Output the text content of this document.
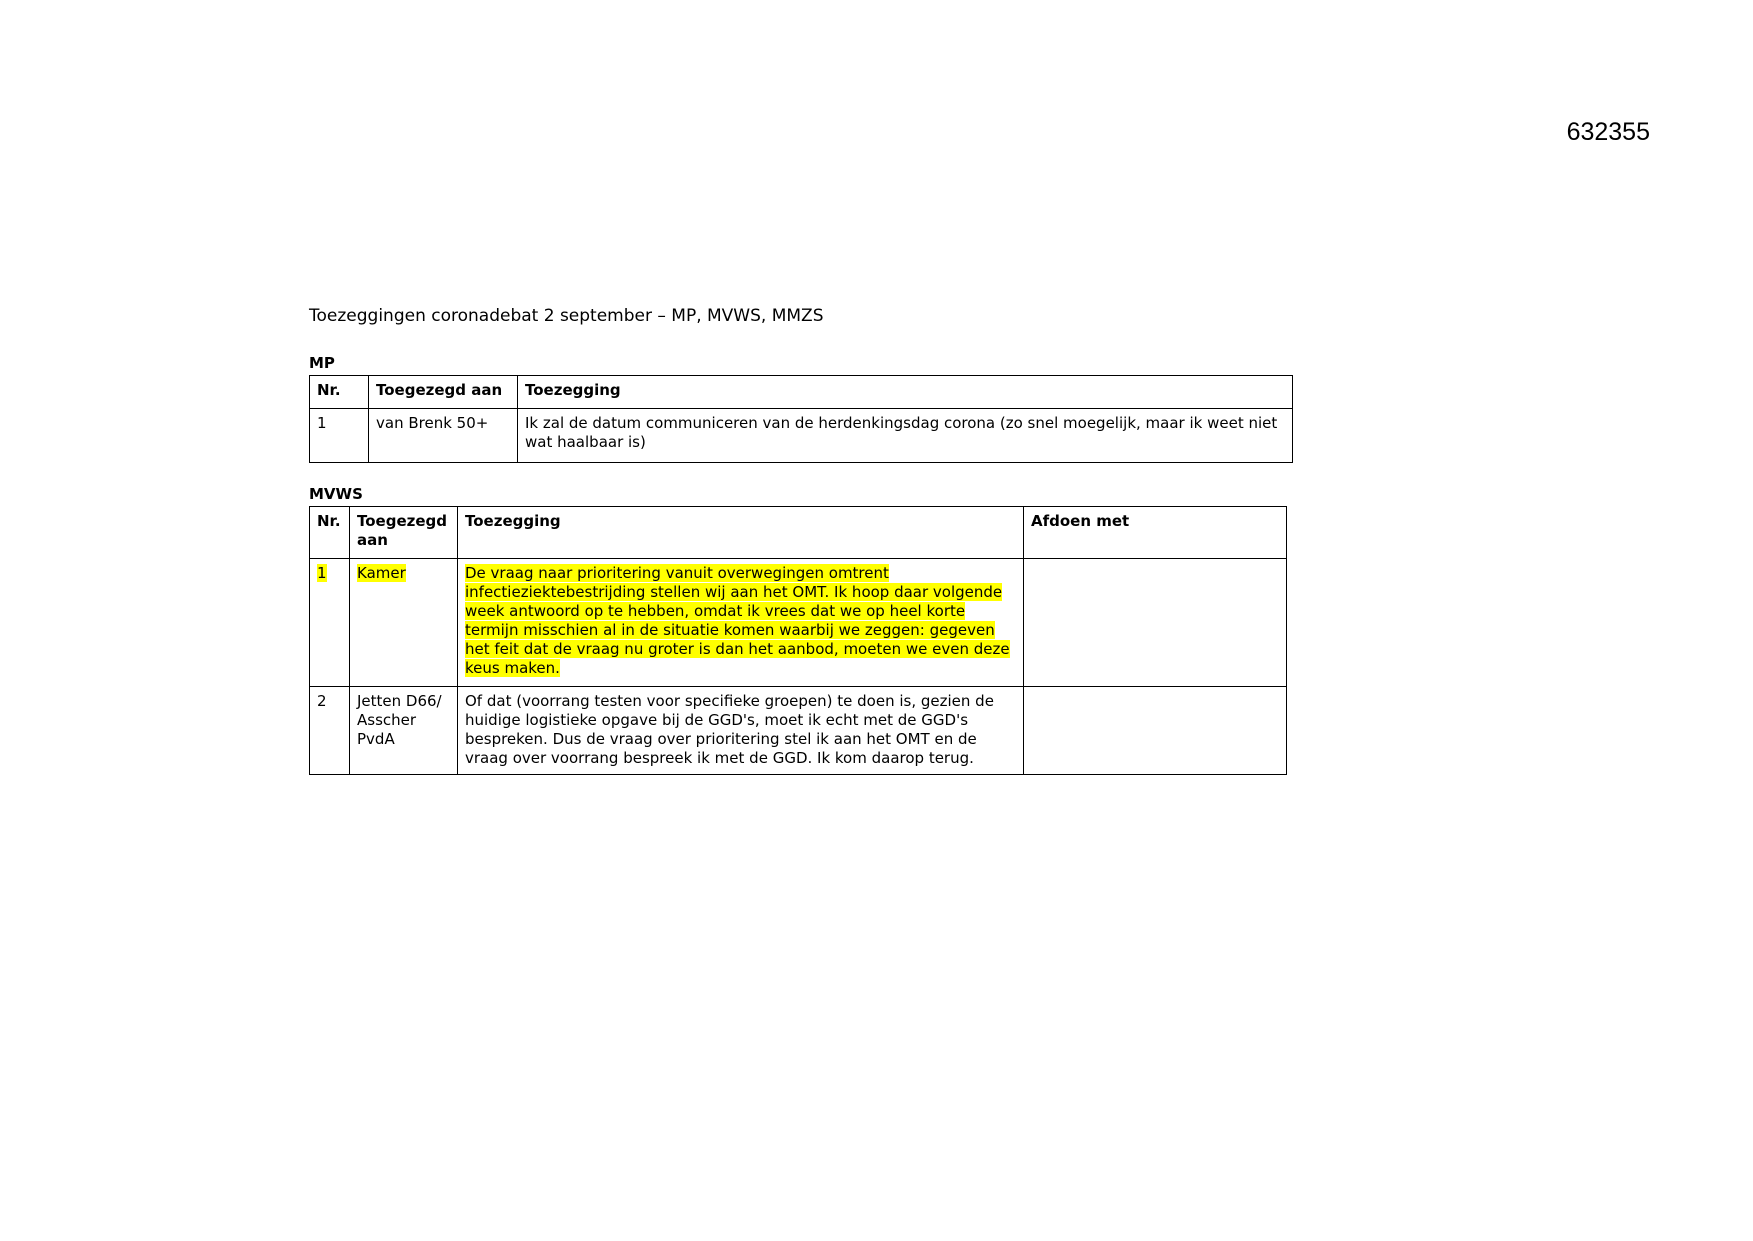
632355
Toezeggingen coronadebat 2 september – MP, MVWS, MMZS
MP
Nr.	Toegezegd aan	Toezegging
1	van Brenk 50+	Ik zal de datum communiceren van de herdenkingsdag corona (zo snel moegelijk, maar ik weet niet wat haalbaar is)
MVWS
Nr.	Toegezegd aan	Toezegging	Afdoen met
1	Kamer	De vraag naar prioritering vanuit overwegingen omtrent infectieziektebestrijding stellen wij aan het OMT. Ik hoop daar volgende week antwoord op te hebben, omdat ik vrees dat we op heel korte termijn misschien al in de situatie komen waarbij we zeggen: gegeven het feit dat de vraag nu groter is dan het aanbod, moeten we even deze keus maken.	
2	Jetten D66/ Asscher PvdA	Of dat (voorrang testen voor specifieke groepen) te doen is, gezien de huidige logistieke opgave bij de GGD's, moet ik echt met de GGD's bespreken. Dus de vraag over prioritering stel ik aan het OMT en de vraag over voorrang bespreek ik met de GGD. Ik kom daarop terug.	
